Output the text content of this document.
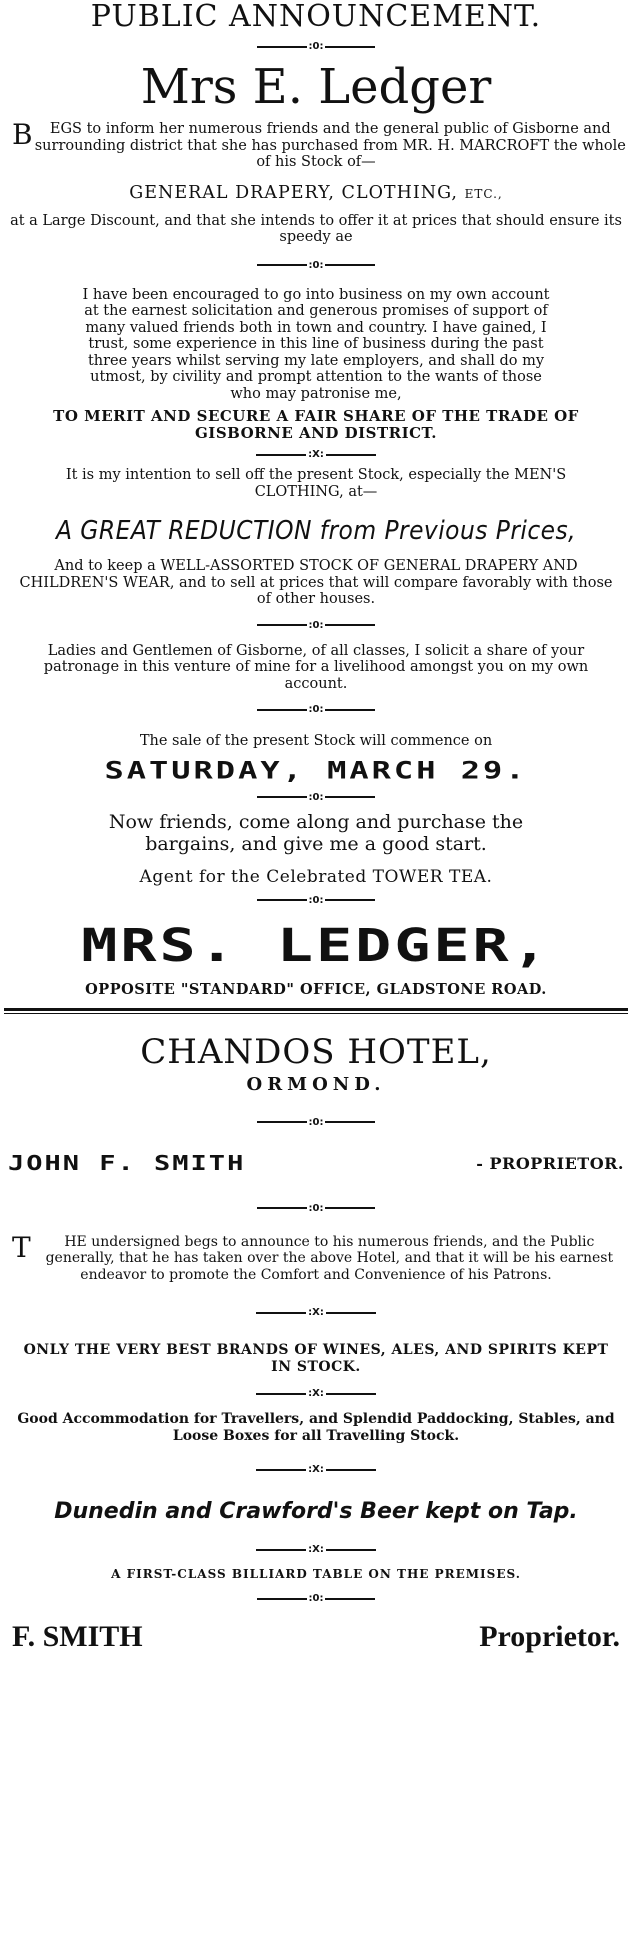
PUBLIC ANNOUNCEMENT.
:0:
Mrs E. Ledger
B EGS to inform her numerous friends and the general public of Gisborne and surrounding district that she has purchased from MR. H. MARCROFT the whole of his Stock of—
GENERAL DRAPERY, CLOTHING, ETC.,
at a Large Discount, and that she intends to offer it at prices that should ensure its speedy ae
:0:
I have been encouraged to go into business on my own account at the earnest solicitation and generous promises of support of many valued friends both in town and country. I have gained, I trust, some experience in this line of business during the past three years whilst serving my late employers, and shall do my utmost, by civility and prompt attention to the wants of those who may patronise me,
TO MERIT AND SECURE A FAIR SHARE OF THE TRADE OF GISBORNE AND DISTRICT.
:X:
It is my intention to sell off the present Stock, especially the MEN'S CLOTHING, at—
A GREAT REDUCTION from Previous Prices,
And to keep a WELL-ASSORTED STOCK OF GENERAL DRAPERY AND CHILDREN'S WEAR, and to sell at prices that will compare favorably with those of other houses.
:0:
Ladies and Gentlemen of Gisborne, of all classes, I solicit a share of your patronage in this venture of mine for a livelihood amongst you on my own account.
:0:
The sale of the present Stock will commence on
SATURDAY, MARCH 29.
:0:
Now friends, come along and purchase the bargains, and give me a good start.
Agent for the Celebrated TOWER TEA.
:0:
MRS. LEDGER,
OPPOSITE "STANDARD" OFFICE, GLADSTONE ROAD.
CHANDOS HOTEL,
ORMOND.
:0:
JOHN F. SMITH	- PROPRIETOR.
:0:
T HE undersigned begs to announce to his numerous friends, and the Public generally, that he has taken over the above Hotel, and that it will be his earnest endeavor to promote the Comfort and Convenience of his Patrons.
:X:
ONLY THE VERY BEST BRANDS OF WINES, ALES, AND SPIRITS KEPT IN STOCK.
:X:
Good Accommodation for Travellers, and Splendid Paddocking, Stables, and Loose Boxes for all Travelling Stock.
:X:
Dunedin and Crawford's Beer kept on Tap.
:X:
A FIRST-CLASS BILLIARD TABLE ON THE PREMISES.
:0:
F. SMITH	Proprietor.
